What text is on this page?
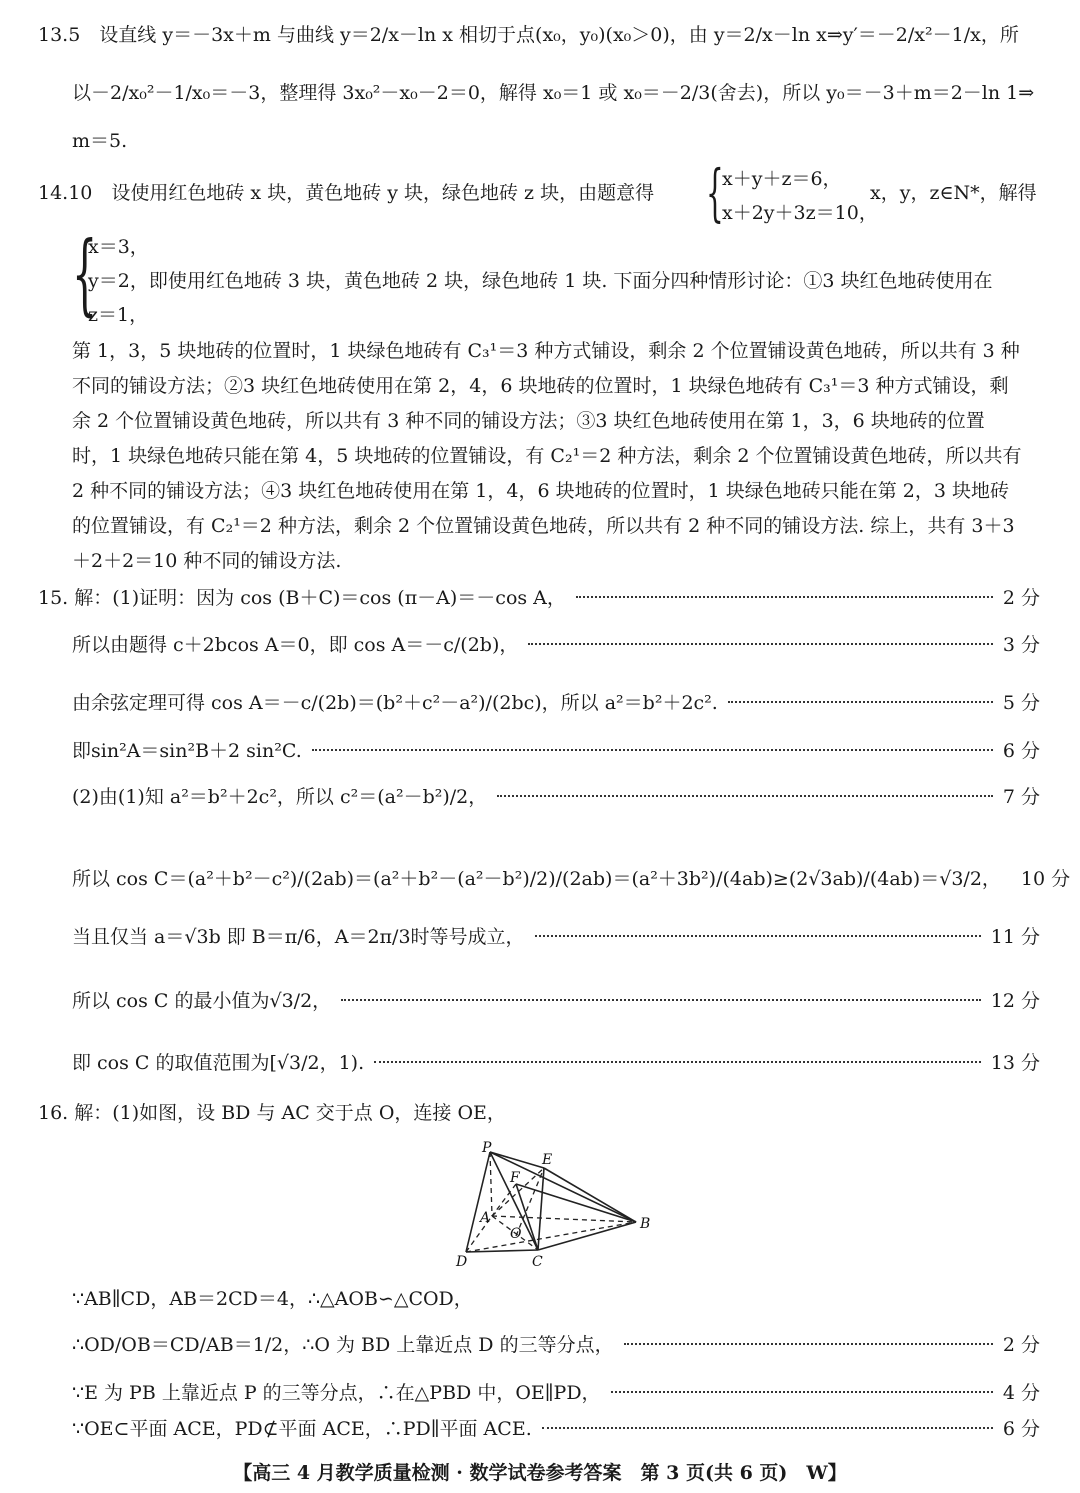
13.5　设直线 y＝－3x＋m 与曲线 y＝2/x－ln x 相切于点(x₀，y₀)(x₀＞0)，由 y＝2/x－ln x⇒y′＝－2/x²－1/x，所
以－2/x₀²－1/x₀＝－3，整理得 3x₀²－x₀－2＝0，解得 x₀＝1 或 x₀＝－2/3(舍去)，所以 y₀＝－3＋m＝2－ln 1⇒
m＝5.
14.10　设使用红色地砖 x 块，黄色地砖 y 块，绿色地砖 z 块，由题意得 {
x＋y＋z＝6，
x＋2y＋3z＝10，
x，y，z∈N*，解得
{
x＝3，
y＝2，即使用红色地砖 3 块，黄色地砖 2 块，绿色地砖 1 块. 下面分四种情形讨论：①3 块红色地砖使用在
z＝1，
第 1，3，5 块地砖的位置时，1 块绿色地砖有 C₃¹＝3 种方式铺设，剩余 2 个位置铺设黄色地砖，所以共有 3 种
不同的铺设方法；②3 块红色地砖使用在第 2，4，6 块地砖的位置时，1 块绿色地砖有 C₃¹＝3 种方式铺设，剩
余 2 个位置铺设黄色地砖，所以共有 3 种不同的铺设方法；③3 块红色地砖使用在第 1，3，6 块地砖的位置
时，1 块绿色地砖只能在第 4，5 块地砖的位置铺设，有 C₂¹＝2 种方法，剩余 2 个位置铺设黄色地砖，所以共有
2 种不同的铺设方法；④3 块红色地砖使用在第 1，4，6 块地砖的位置时，1 块绿色地砖只能在第 2，3 块地砖
的位置铺设，有 C₂¹＝2 种方法，剩余 2 个位置铺设黄色地砖，所以共有 2 种不同的铺设方法. 综上，共有 3＋3
＋2＋2＝10 种不同的铺设方法.
15. 解：(1)证明：因为 cos (B＋C)＝cos (π－A)＝－cos A，	2 分
所以由题得 c＋2bcos A＝0，即 cos A＝－c/(2b)，	3 分
由余弦定理可得 cos A＝－c/(2b)＝(b²＋c²－a²)/(2bc)，所以 a²＝b²＋2c².	5 分
即sin²A＝sin²B＋2 sin²C.	6 分
(2)由(1)知 a²＝b²＋2c²，所以 c²＝(a²－b²)/2，	7 分
所以 cos C＝(a²＋b²－c²)/(2ab)＝(a²＋b²－(a²－b²)/2)/(2ab)＝(a²＋3b²)/(4ab)≥(2√3ab)/(4ab)＝√3/2， 10 分
当且仅当 a＝√3b 即 B＝π/6，A＝2π/3时等号成立，	11 分
所以 cos C 的最小值为√3/2，	12 分
即 cos C 的取值范围为[√3/2，1).	13 分
16. 解：(1)如图，设 BD 与 AC 交于点 O，连接 OE，
P
E
F
A
O
B
D	C
∵AB∥CD，AB＝2CD＝4，∴△AOB∽△COD，
∴OD/OB＝CD/AB＝1/2，∴O 为 BD 上靠近点 D 的三等分点，	2 分
∵E 为 PB 上靠近点 P 的三等分点，∴在△PBD 中，OE∥PD，	4 分
∵OE⊂平面 ACE，PD⊄平面 ACE，∴PD∥平面 ACE.	6 分
【高三 4 月教学质量检测 · 数学试卷参考答案　第 3 页(共 6 页)　W】
